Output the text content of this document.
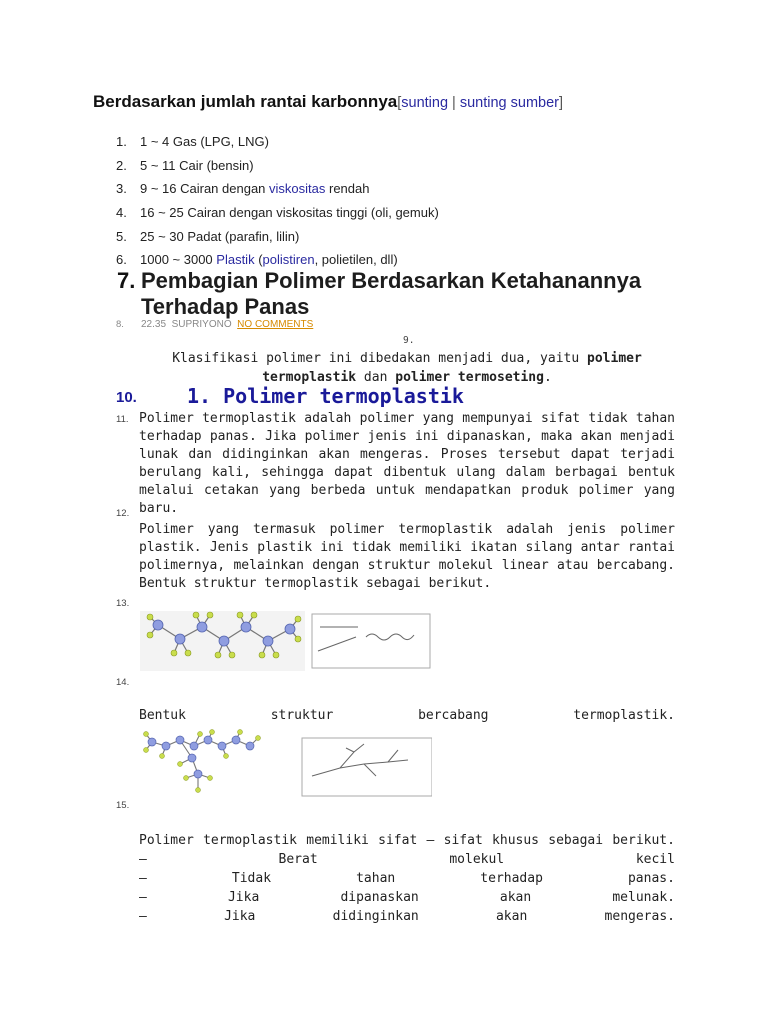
Berdasarkan jumlah rantai karbonnya[sunting | sunting sumber]
1. 1 ~ 4 Gas (LPG, LNG)
2. 5 ~ 11 Cair (bensin)
3. 9 ~ 16 Cairan dengan viskositas rendah
4. 16 ~ 25 Cairan dengan viskositas tinggi (oli, gemuk)
5. 25 ~ 30 Padat (parafin, lilin)
6. 1000 ~ 3000 Plastik (polistiren, polietilen, dll)
7. Pembagian Polimer Berdasarkan Ketahanannya Terhadap Panas
8. 22.35 SUPRIYONO NO COMMENTS
9.
Klasifikasi polimer ini dibedakan menjadi dua, yaitu polimer termoplastik dan polimer termoseting.
10.	1. Polimer termoplastik
11. Polimer termoplastik adalah polimer yang mempunyai sifat tidak tahan terhadap panas. Jika polimer jenis ini dipanaskan, maka akan menjadi lunak dan didinginkan akan mengeras. Proses tersebut dapat terjadi berulang kali, sehingga dapat dibentuk ulang dalam berbagai bentuk melalui cetakan yang berbeda untuk mendapatkan produk polimer yang baru.
12.
Polimer yang termasuk polimer termoplastik adalah jenis polimer plastik. Jenis plastik ini tidak memiliki ikatan silang antar rantai polimernya, melainkan dengan struktur molekul linear atau bercabang. Bentuk struktur termoplastik sebagai berikut.
13.
14.
Bentuk	struktur	bercabang	termoplastik.
15.
Polimer termoplastik memiliki sifat – sifat khusus sebagai berikut.
–	Berat	molekul	kecil
–	Tidak	tahan	terhadap	panas.
–	Jika	dipanaskan	akan	melunak.
–	Jika	didinginkan	akan	mengeras.
